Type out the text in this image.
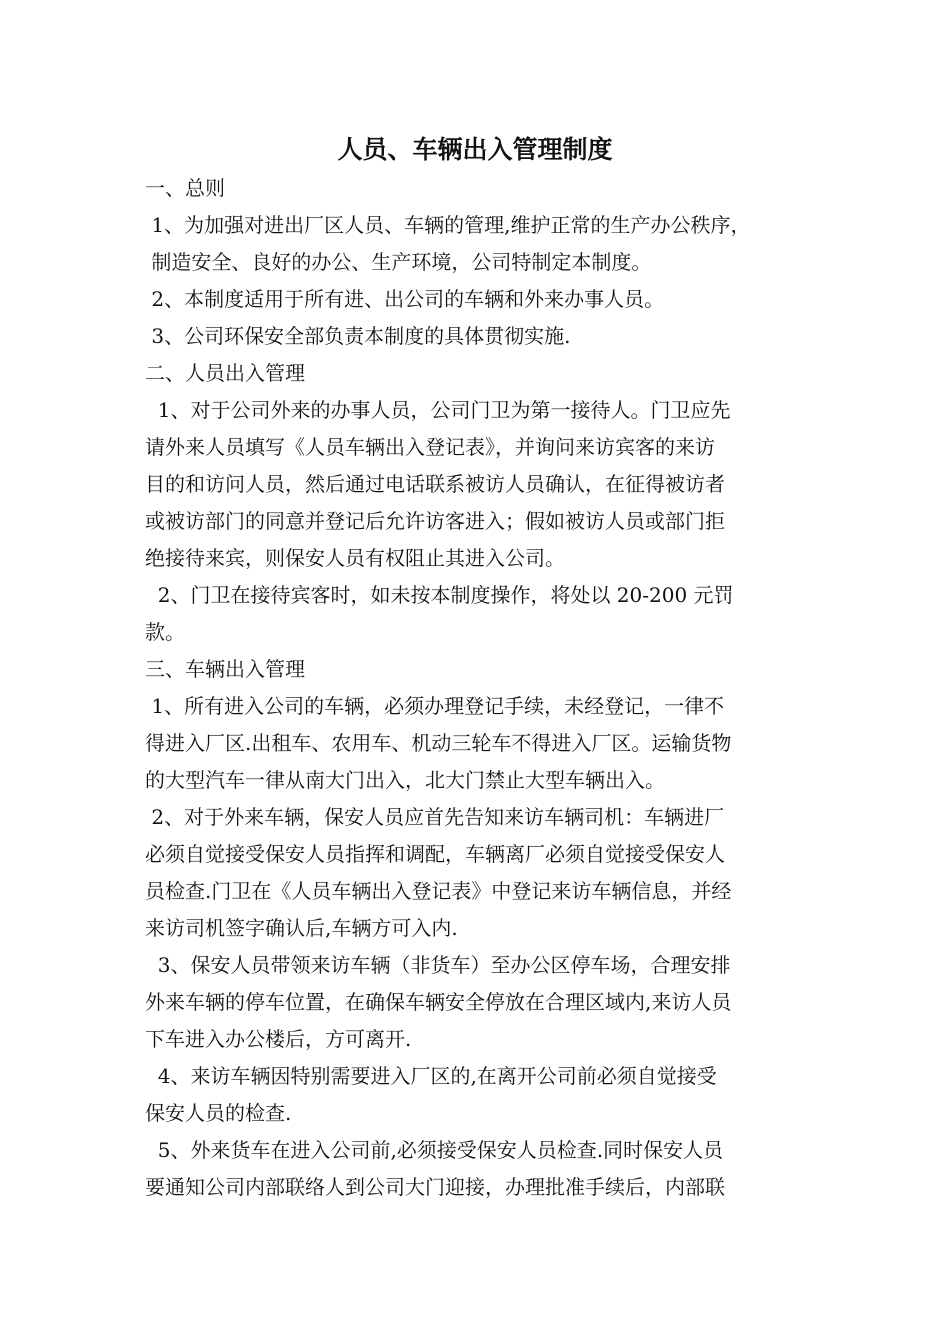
人员、车辆出入管理制度
一、总则
1、为加强对进出厂区人员、车辆的管理,维护正常的生产办公秩序，
制造安全、良好的办公、生产环境，公司特制定本制度。
2、本制度适用于所有进、出公司的车辆和外来办事人员。
3、公司环保安全部负责本制度的具体贯彻实施.
二、人员出入管理
1、对于公司外来的办事人员，公司门卫为第一接待人。门卫应先
请外来人员填写《人员车辆出入登记表》，并询问来访宾客的来访
目的和访问人员，然后通过电话联系被访人员确认，在征得被访者
或被访部门的同意并登记后允许访客进入；假如被访人员或部门拒
绝接待来宾，则保安人员有权阻止其进入公司。
2、门卫在接待宾客时，如未按本制度操作，将处以 20-200 元罚
款。
三、车辆出入管理
1、所有进入公司的车辆，必须办理登记手续，未经登记，一律不
得进入厂区.出租车、农用车、机动三轮车不得进入厂区。运输货物
的大型汽车一律从南大门出入，北大门禁止大型车辆出入。
2、对于外来车辆，保安人员应首先告知来访车辆司机：车辆进厂
必须自觉接受保安人员指挥和调配，车辆离厂必须自觉接受保安人
员检查.门卫在《人员车辆出入登记表》中登记来访车辆信息，并经
来访司机签字确认后,车辆方可入内.
3、保安人员带领来访车辆（非货车）至办公区停车场，合理安排
外来车辆的停车位置，在确保车辆安全停放在合理区域内,来访人员
下车进入办公楼后，方可离开.
4、来访车辆因特别需要进入厂区的,在离开公司前必须自觉接受
保安人员的检查.
5、外来货车在进入公司前,必须接受保安人员检查.同时保安人员
要通知公司内部联络人到公司大门迎接，办理批准手续后，内部联
